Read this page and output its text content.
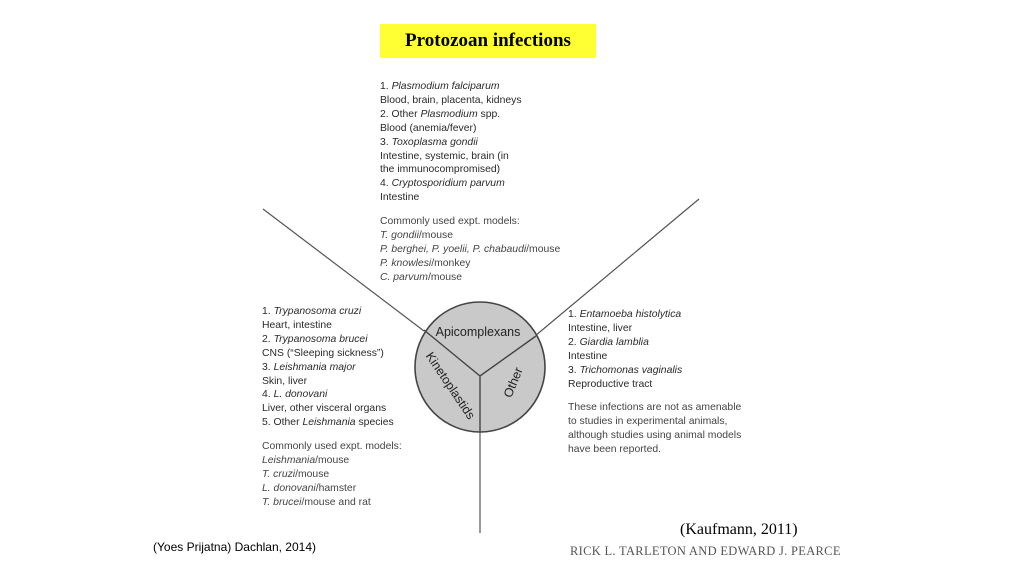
Protozoan infections
Apicomplexans
Kinetoplastids Other
1. Plasmodium falciparum
Blood, brain, placenta, kidneys
2. Other Plasmodium spp.
Blood (anemia/fever)
3. Toxoplasma gondii
Intestine, systemic, brain (in
the immunocompromised)
4. Cryptosporidium parvum
Intestine
Commonly used expt. models:
T. gondii/mouse
P. berghei, P. yoelii, P. chabaudi/mouse
P. knowlesi/monkey
C. parvum/mouse
1. Trypanosoma cruzi
Heart, intestine
2. Trypanosoma brucei
CNS (“Sleeping sickness”)
3. Leishmania major
Skin, liver
4. L. donovani
Liver, other visceral organs
5. Other Leishmania species
Commonly used expt. models:
Leishmania/mouse
T. cruzi/mouse
L. donovani/hamster
T. brucei/mouse and rat
1. Entamoeba histolytica
Intestine, liver
2. Giardia lamblia
Intestine
3. Trichomonas vaginalis
Reproductive tract
These infections are not as amenable
to studies in experimental animals,
although studies using animal models
have been reported.
(Kaufmann, 2011)
(Yoes Prijatna) Dachlan, 2014)	RICK L. TARLETON AND EDWARD J. PEARCE
